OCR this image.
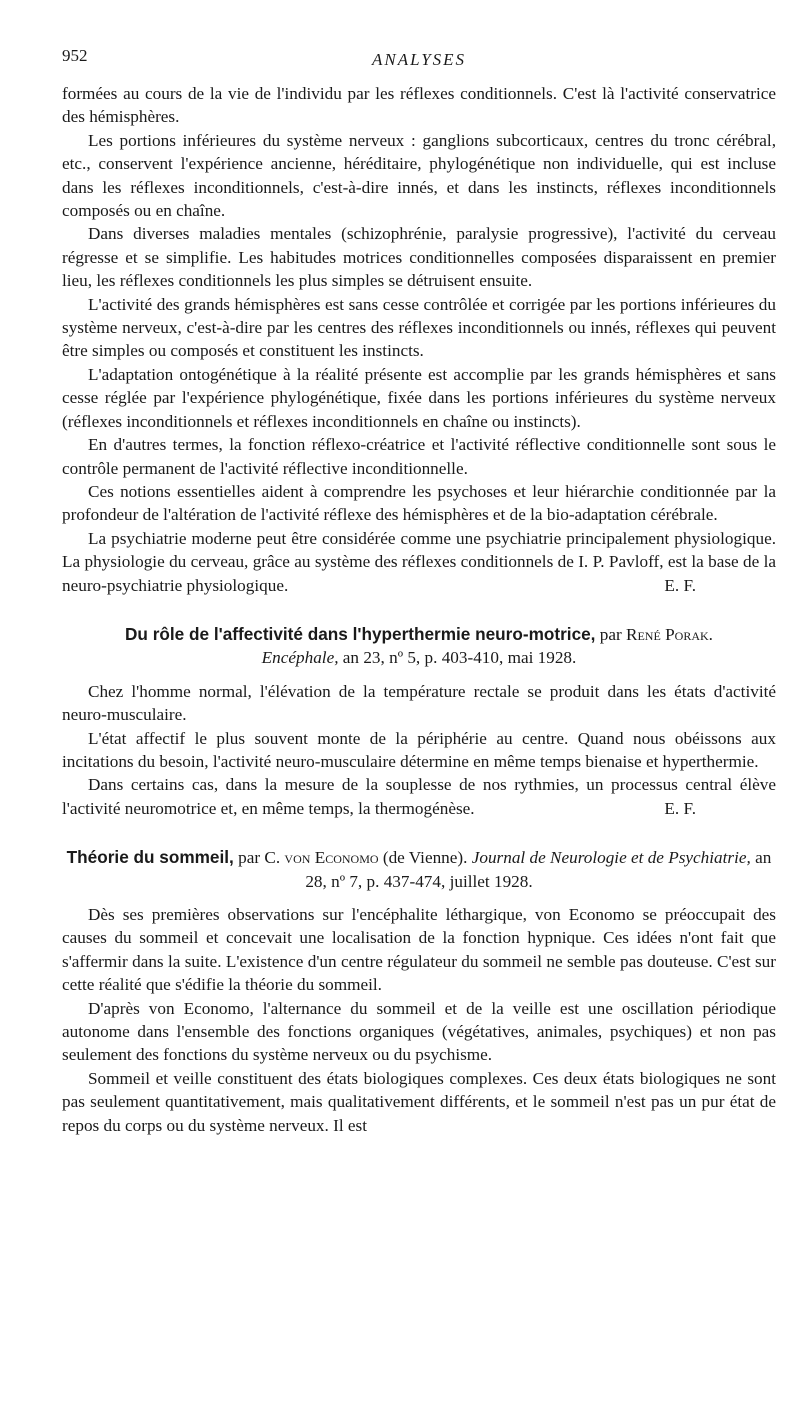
952	ANALYSES

formées au cours de la vie de l'individu par les réflexes conditionnels. C'est là l'activité conservatrice des hémisphères.

Les portions inférieures du système nerveux : ganglions subcorticaux, centres du tronc cérébral, etc., conservent l'expérience ancienne, héréditaire, phylogénétique non individuelle, qui est incluse dans les réflexes inconditionnels, c'est-à-dire innés, et dans les instincts, réflexes inconditionnels composés ou en chaîne.

Dans diverses maladies mentales (schizophrénie, paralysie progressive), l'activité du cerveau régresse et se simplifie. Les habitudes motrices conditionnelles composées disparaissent en premier lieu, les réflexes conditionnels les plus simples se détruisent ensuite.

L'activité des grands hémisphères est sans cesse contrôlée et corrigée par les portions inférieures du système nerveux, c'est-à-dire par les centres des réflexes inconditionnels ou innés, réflexes qui peuvent être simples ou composés et constituent les instincts.

L'adaptation ontogénétique à la réalité présente est accomplie par les grands hémisphères et sans cesse réglée par l'expérience phylogénétique, fixée dans les portions inférieures du système nerveux (réflexes inconditionnels et réflexes inconditionnels en chaîne ou instincts).

En d'autres termes, la fonction réflexo-créatrice et l'activité réflective conditionnelle sont sous le contrôle permanent de l'activité réflective inconditionnelle.

Ces notions essentielles aident à comprendre les psychoses et leur hiérarchie conditionnée par la profondeur de l'altération de l'activité réflexe des hémisphères et de la bio-adaptation cérébrale.

La psychiatrie moderne peut être considérée comme une psychiatrie principalement physiologique. La physiologie du cerveau, grâce au système des réflexes conditionnels de I. P. Pavloff, est la base de la neuro-psychiatrie physiologique.	E. F.

Du rôle de l'affectivité dans l'hyperthermie neuro-motrice, par René Porak.
Encéphale, an 23, nº 5, p. 403-410, mai 1928.

Chez l'homme normal, l'élévation de la température rectale se produit dans les états d'activité neuro-musculaire.

L'état affectif le plus souvent monte de la périphérie au centre. Quand nous obéissons aux incitations du besoin, l'activité neuro-musculaire détermine en même temps bienaise et hyperthermie.

Dans certains cas, dans la mesure de la souplesse de nos rythmies, un processus central élève l'activité neuromotrice et, en même temps, la thermogénèse.	E. F.

Théorie du sommeil, par C. von Economo (de Vienne). Journal de Neurologie et de Psychiatrie, an 28, nº 7, p. 437-474, juillet 1928.

Dès ses premières observations sur l'encéphalite léthargique, von Economo se préoccupait des causes du sommeil et concevait une localisation de la fonction hypnique. Ces idées n'ont fait que s'affermir dans la suite. L'existence d'un centre régulateur du sommeil ne semble pas douteuse. C'est sur cette réalité que s'édifie la théorie du sommeil.

D'après von Economo, l'alternance du sommeil et de la veille est une oscillation périodique autonome dans l'ensemble des fonctions organiques (végétatives, animales, psychiques) et non pas seulement des fonctions du système nerveux ou du psychisme.

Sommeil et veille constituent des états biologiques complexes. Ces deux états biologiques ne sont pas seulement quantitativement, mais qualitativement différents, et le sommeil n'est pas un pur état de repos du corps ou du système nerveux. Il est
